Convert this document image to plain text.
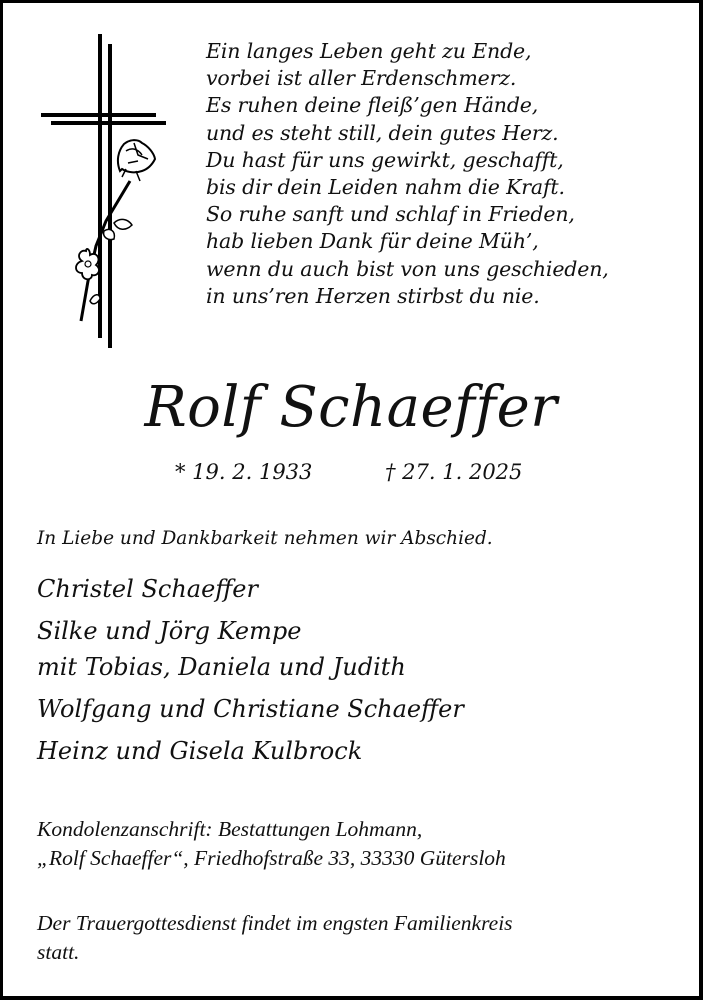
Ein langes Leben geht zu Ende,
vorbei ist aller Erdenschmerz.
Es ruhen deine fleiß’gen Hände,
und es steht still, dein gutes Herz.
Du hast für uns gewirkt, geschafft,
bis dir dein Leiden nahm die Kraft.
So ruhe sanft und schlaf in Frieden,
hab lieben Dank für deine Müh’,
wenn du auch bist von uns geschieden,
in uns’ren Herzen stirbst du nie.
Rolf Schaeffer
* 19. 2. 1933	† 27. 1. 2025
In Liebe und Dankbarkeit nehmen wir Abschied.
Christel Schaeffer
Silke und Jörg Kempe
mit Tobias, Daniela und Judith
Wolfgang und Christiane Schaeffer
Heinz und Gisela Kulbrock
Kondolenzanschrift: Bestattungen Lohmann,
„Rolf Schaeffer“, Friedhofstraße 33, 33330 Gütersloh
Der Trauergottesdienst findet im engsten Familienkreis
statt.
